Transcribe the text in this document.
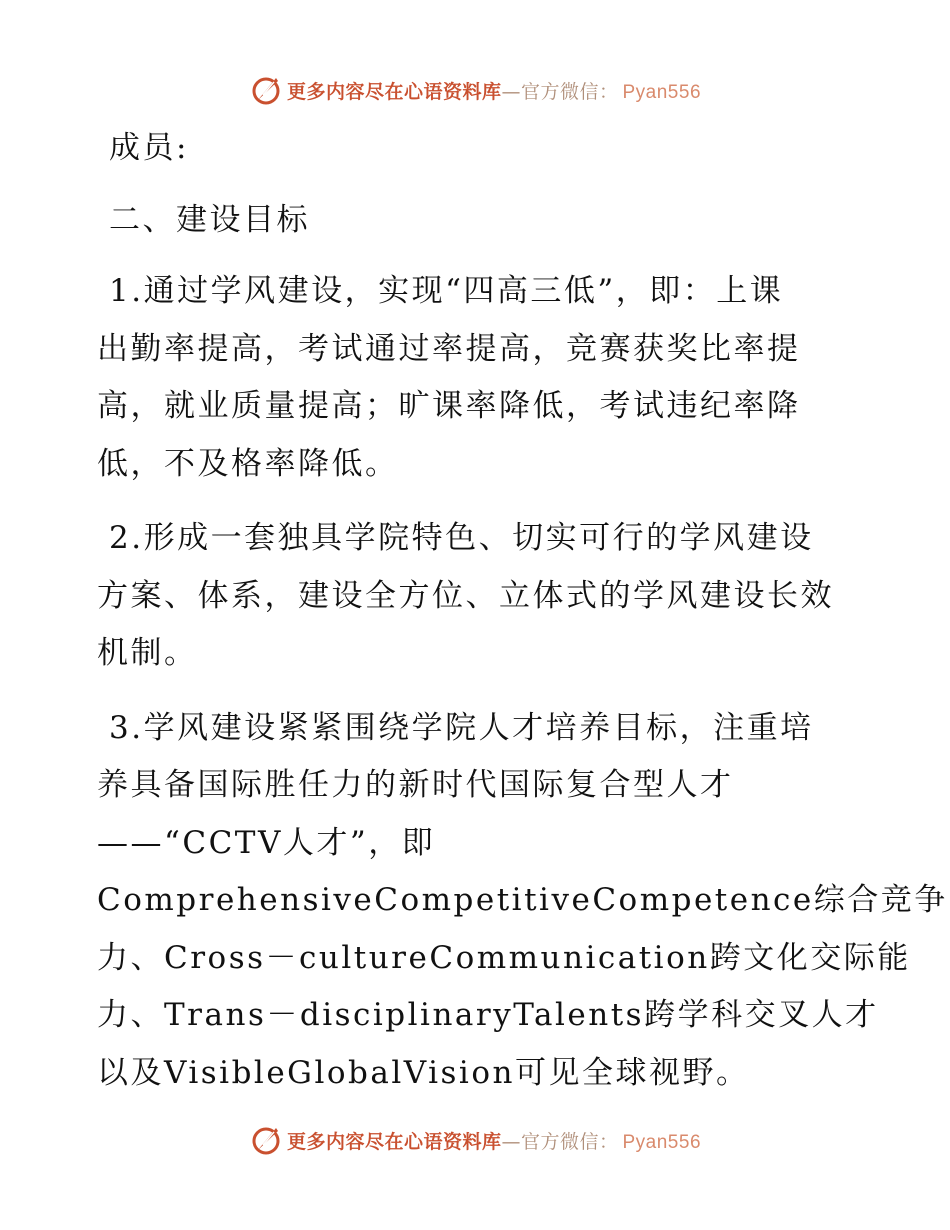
更多内容尽在心语资料库—官方微信： Pyan556

成员:

二、建设目标

1.通过学风建设，实现“四高三低”，即：上课
出勤率提高，考试通过率提高，竞赛获奖比率提
高，就业质量提高；旷课率降低，考试违纪率降
低，不及格率降低。
2.形成一套独具学院特色、切实可行的学风建设
方案、体系，建设全方位、立体式的学风建设长效
机制。
3.学风建设紧紧围绕学院人才培养目标，注重培
养具备国际胜任力的新时代国际复合型人才
——“CCTV人才”，即
ComprehensiveCompetitiveCompetence综合竞争
力、Cross－cultureCommunication跨文化交际能
力、Trans－disciplinaryTalents跨学科交叉人才
以及VisibleGlobalVision可见全球视野。
更多内容尽在心语资料库—官方微信： Pyan556
